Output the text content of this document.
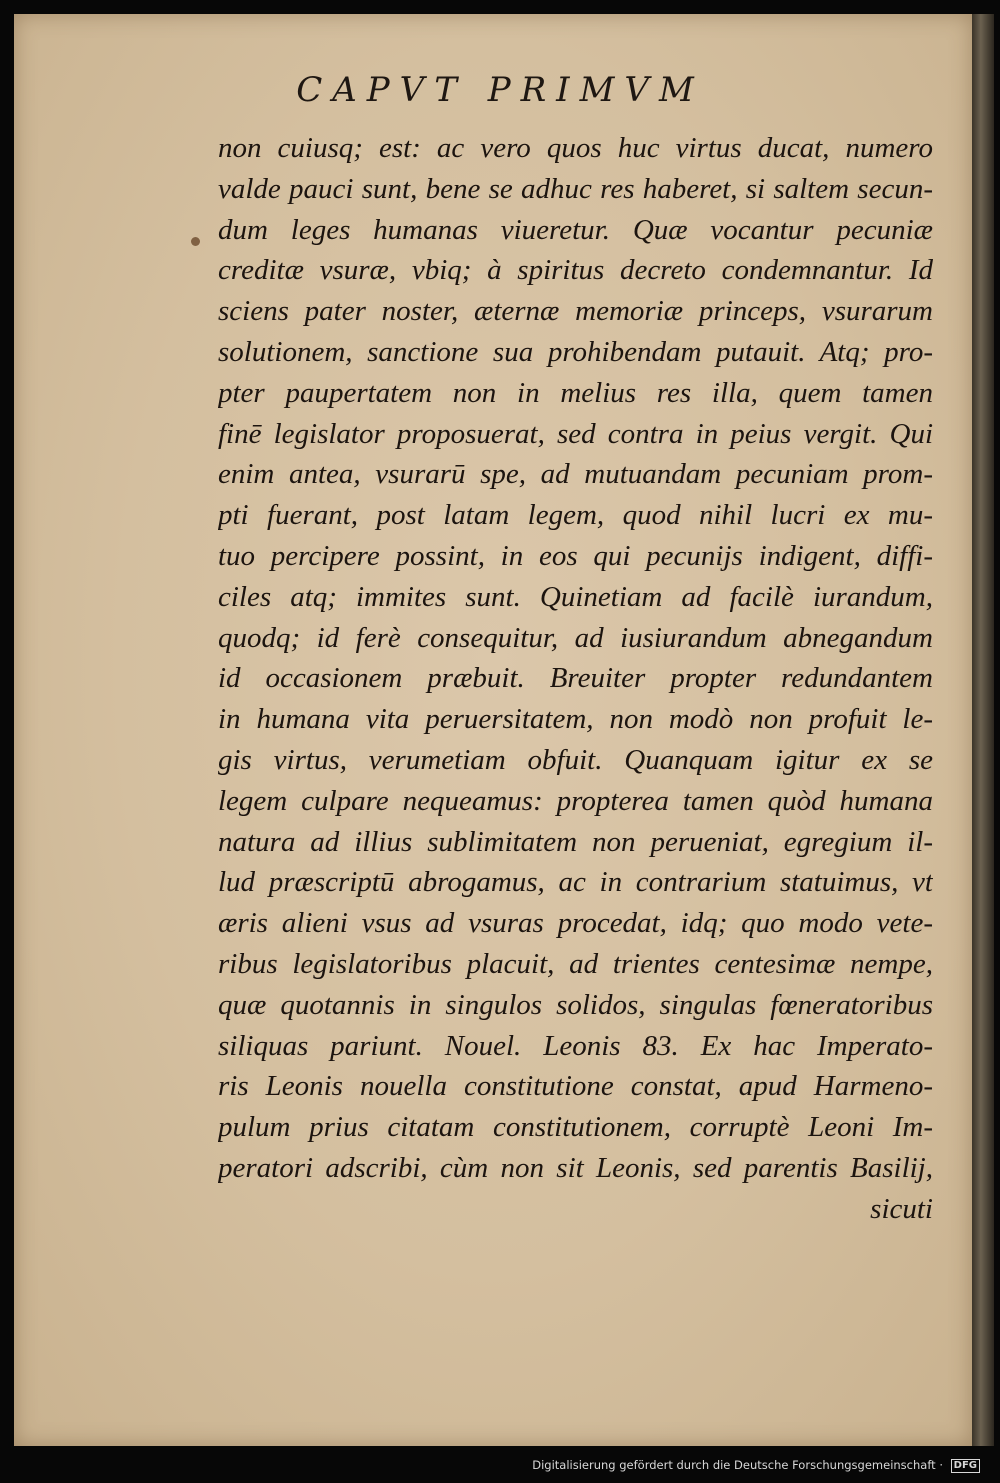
CAPVT PRIMVM
non cuiusq; est: ac vero quos huc virtus ducat, numero
valde pauci sunt, bene se adhuc res haberet, si saltem secun-
dum leges humanas viueretur. Quæ vocantur pecuniæ
creditæ vsuræ, vbiq; à spiritus decreto condemnantur. Id
sciens pater noster, æternæ memoriæ princeps, vsurarum
solutionem, sanctione sua prohibendam putauit. Atq; pro-
pter paupertatem non in melius res illa, quem tamen
finē legislator proposuerat, sed contra in peius vergit. Qui
enim antea, vsurarū spe, ad mutuandam pecuniam prom-
pti fuerant, post latam legem, quod nihil lucri ex mu-
tuo percipere possint, in eos qui pecunijs indigent, diffi-
ciles atq; immites sunt. Quinetiam ad facilè iurandum,
quodq; id ferè consequitur, ad iusiurandum abnegandum
id occasionem præbuit. Breuiter propter redundantem
in humana vita peruersitatem, non modò non profuit le-
gis virtus, verumetiam obfuit. Quanquam igitur ex se
legem culpare nequeamus: propterea tamen quòd humana
natura ad illius sublimitatem non perueniat, egregium il-
lud præscriptū abrogamus, ac in contrarium statuimus, vt
æris alieni vsus ad vsuras procedat, idq; quo modo vete-
ribus legislatoribus placuit, ad trientes centesimæ nempe,
quæ quotannis in singulos solidos, singulas fœneratoribus
siliquas pariunt. Nouel. Leonis 83. Ex hac Imperato-
ris Leonis nouella constitutione constat, apud Harmeno-
pulum prius citatam constitutionem, corruptè Leoni Im-
peratori adscribi, cùm non sit Leonis, sed parentis Basilij,
sicuti
Digitalisierung gefördert durch die Deutsche Forschungsgemeinschaft · DFG
